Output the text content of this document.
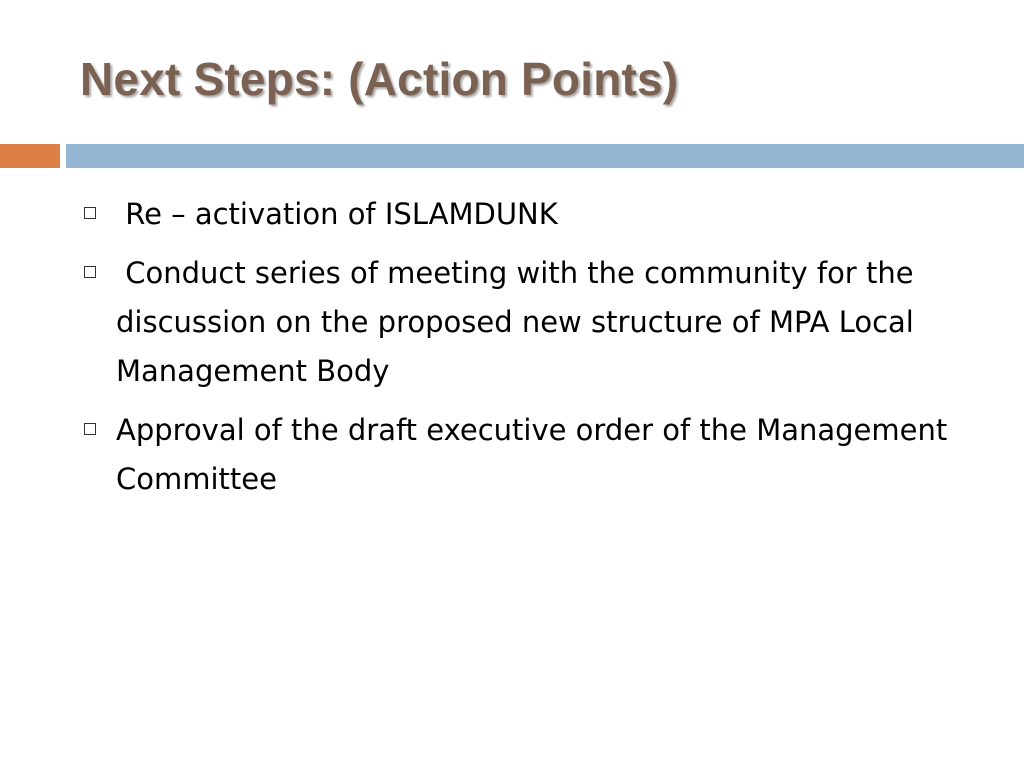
Next Steps: (Action Points)
Re – activation of ISLAMDUNK
Conduct series of meeting with the community for the discussion on the proposed new structure of MPA Local Management Body
Approval of the draft executive order of the Management Committee
